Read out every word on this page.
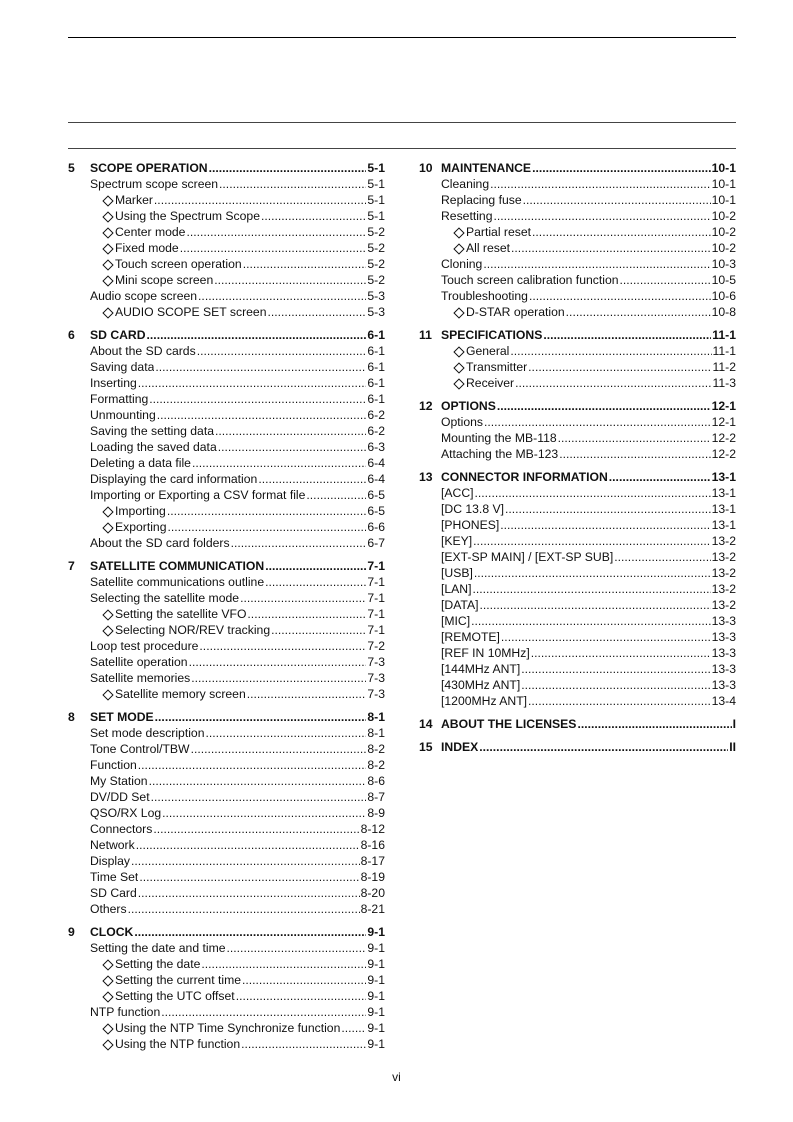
5 SCOPE OPERATION .....	5-1
Spectrum scope screen .....	5-1
Marker .....	5-1
Using the Spectrum Scope .....	5-1
Center mode .....	5-2
Fixed mode .....	5-2
Touch screen operation .....	5-2
Mini scope screen .....	5-2
Audio scope screen .....	5-3
AUDIO SCOPE SET screen .....	5-3
6 SD CARD .....	6-1
About the SD cards .....	6-1
Saving data .....	6-1
Inserting .....	6-1
Formatting .....	6-1
Unmounting .....	6-2
Saving the setting data .....	6-2
Loading the saved data .....	6-3
Deleting a data file .....	6-4
Displaying the card information .....	6-4
Importing or Exporting a CSV format file .....	6-5
Importing .....	6-5
Exporting .....	6-6
About the SD card folders .....	6-7
7 SATELLITE COMMUNICATION .....	7-1
Satellite communications outline .....	7-1
Selecting the satellite mode .....	7-1
Setting the satellite VFO .....	7-1
Selecting NOR/REV tracking .....	7-1
Loop test procedure .....	7-2
Satellite operation .....	7-3
Satellite memories .....	7-3
Satellite memory screen .....	7-3
8 SET MODE .....	8-1
Set mode description .....	8-1
Tone Control/TBW .....	8-2
Function .....	8-2
My Station .....	8-6
DV/DD Set .....	8-7
QSO/RX Log .....	8-9
Connectors .....	8-12
Network .....	8-16
Display .....	8-17
Time Set .....	8-19
SD Card .....	8-20
Others .....	8-21
9 CLOCK .....	9-1
Setting the date and time .....	9-1
Setting the date .....	9-1
Setting the current time .....	9-1
Setting the UTC offset .....	9-1
NTP function .....	9-1
Using the NTP Time Synchronize function ..... 9-1
Using the NTP function .....	9-1
10 MAINTENANCE .....	10-1
Cleaning .....	10-1
Replacing fuse .....	10-1
Resetting .....	10-2
Partial reset .....	10-2
All reset .....	10-2
Cloning .....	10-3
Touch screen calibration function .....	10-5
Troubleshooting .....	10-6
D-STAR operation .....	10-8
11 SPECIFICATIONS .....	11-1
General .....	11-1
Transmitter .....	11-2
Receiver .....	11-3
12 OPTIONS .....	12-1
Options .....	12-1
Mounting the MB-118 .....	12-2
Attaching the MB-123 .....	12-2
13 CONNECTOR INFORMATION .....	13-1
[ACC] .....	13-1
[DC 13.8 V] .....	13-1
[PHONES] .....	13-1
[KEY] .....	13-2
[EXT-SP MAIN] / [EXT-SP SUB] .....	13-2
[USB] .....	13-2
[LAN] .....	13-2
[DATA] .....	13-2
[MIC] .....	13-3
[REMOTE] .....	13-3
[REF IN 10MHz] .....	13-3
[144MHz ANT] .....	13-3
[430MHz ANT] .....	13-3
[1200MHz ANT] .....	13-4
14 ABOUT THE LICENSES .....	I
15 INDEX .....	II
vi
